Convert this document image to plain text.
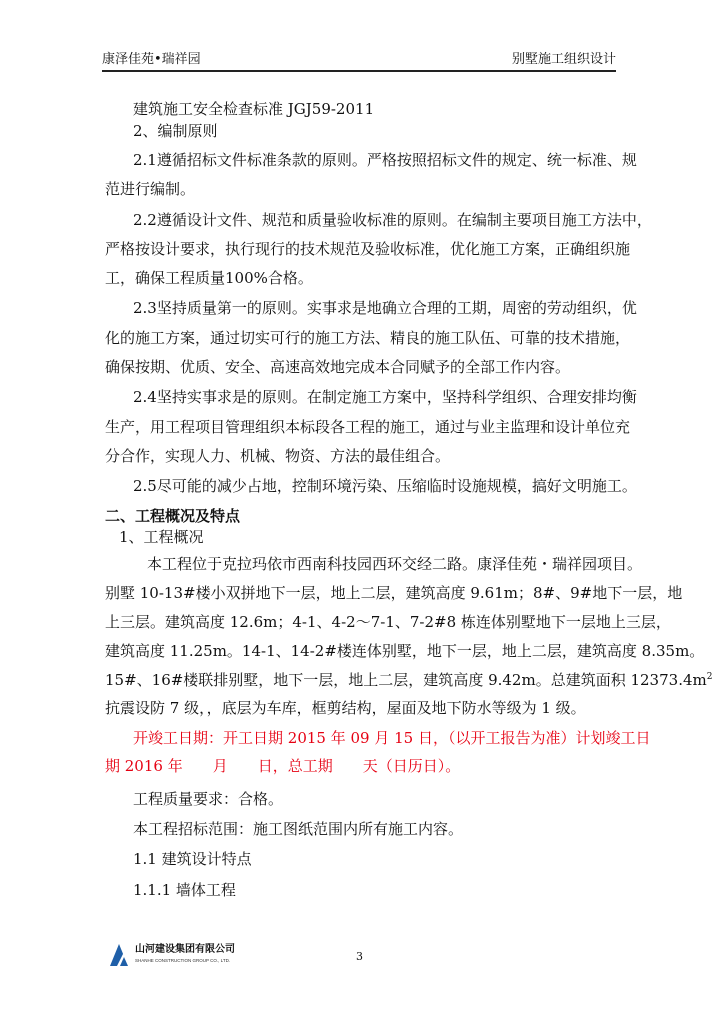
康泽佳苑•瑞祥园	别墅施工组织设计
建筑施工安全检查标准 JGJ59-2011
2、编制原则
2.1遵循招标文件标准条款的原则。严格按照招标文件的规定、统一标准、规
范进行编制。
2.2遵循设计文件、规范和质量验收标准的原则。在编制主要项目施工方法中，
严格按设计要求，执行现行的技术规范及验收标准，优化施工方案，正确组织施
工，确保工程质量100%合格。
2.3坚持质量第一的原则。实事求是地确立合理的工期，周密的劳动组织，优
化的施工方案，通过切实可行的施工方法、精良的施工队伍、可靠的技术措施，
确保按期、优质、安全、高速高效地完成本合同赋予的全部工作内容。
2.4坚持实事求是的原则。在制定施工方案中，坚持科学组织、合理安排均衡
生产，用工程项目管理组织本标段各工程的施工，通过与业主监理和设计单位充
分合作，实现人力、机械、物资、方法的最佳组合。
2.5尽可能的减少占地，控制环境污染、压缩临时设施规模，搞好文明施工。
二、工程概况及特点
1、工程概况
本工程位于克拉玛依市西南科技园西环交经二路。康泽佳苑・瑞祥园项目。
别墅 10-13#楼小双拼地下一层，地上二层，建筑高度 9.61m；8#、9#地下一层，地
上三层。建筑高度 12.6m；4-1、4-2～7-1、7-2#8 栋连体别墅地下一层地上三层，
建筑高度 11.25m。14-1、14-2#楼连体别墅，地下一层，地上二层，建筑高度 8.35m。
15#、16#楼联排别墅，地下一层，地上二层，建筑高度 9.42m。总建筑面积 $12373.4m^2$
抗震设防 7 级，，底层为车库，框剪结构，屋面及地下防水等级为 1 级。
开竣工日期：开工日期 2015 年 09 月 15 日，（以开工报告为准）计划竣工日
期 2016 年　　月　　日，总工期　　天（日历日）。
工程质量要求：合格。
本工程招标范围：施工图纸范围内所有施工内容。
1.1 建筑设计特点
1.1.1 墙体工程
山河建设集团有限公司
SHANHE CONSTRUCTION GROUP CO., LTD.	3
